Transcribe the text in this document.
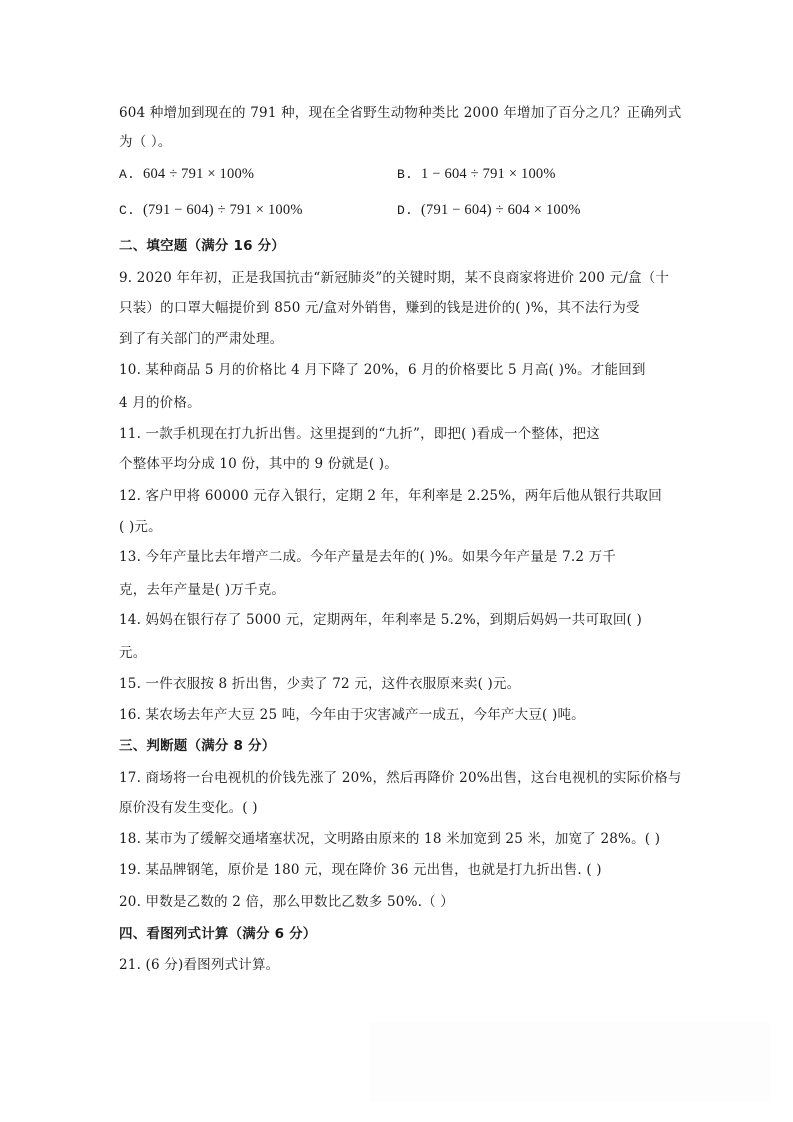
604 种增加到现在的 791 种，现在全省野生动物种类比 2000 年增加了百分之几？正确列式
为（ ）。
A. 604 ÷ 791 × 100%	B. 1 − 604 ÷ 791 × 100%
C. (791 − 604) ÷ 791 × 100%	D. (791 − 604) ÷ 604 × 100%
二、填空题（满分 16 分）
9. 2020 年年初，正是我国抗击“新冠肺炎”的关键时期，某不良商家将进价 200 元/盒（十
只装）的口罩大幅提价到 850 元/盒对外销售，赚到的钱是进价的( )%，其不法行为受
到了有关部门的严肃处理。
10. 某种商品 5 月的价格比 4 月下降了 20%，6 月的价格要比 5 月高( )%。才能回到
4 月的价格。
11. 一款手机现在打九折出售。这里提到的“九折”，即把( )看成一个整体，把这
个整体平均分成 10 份，其中的 9 份就是( )。
12. 客户甲将 60000 元存入银行，定期 2 年，年利率是 2.25%，两年后他从银行共取回
( )元。
13. 今年产量比去年增产二成。今年产量是去年的( )%。如果今年产量是 7.2 万千
克，去年产量是( )万千克。
14. 妈妈在银行存了 5000 元，定期两年，年利率是 5.2%，到期后妈妈一共可取回( )
元。
15. 一件衣服按 8 折出售，少卖了 72 元，这件衣服原来卖( )元。
16. 某农场去年产大豆 25 吨，今年由于灾害减产一成五，今年产大豆( )吨。
三、判断题（满分 8 分）
17. 商场将一台电视机的价钱先涨了 20%，然后再降价 20%出售，这台电视机的实际价格与
原价没有发生变化。( )
18. 某市为了缓解交通堵塞状况，文明路由原来的 18 米加宽到 25 米，加宽了 28%。( )
19. 某品牌钢笔，原价是 180 元，现在降价 36 元出售，也就是打九折出售. ( )
20. 甲数是乙数的 2 倍，那么甲数比乙数多 50%.（ ）
四、看图列式计算（满分 6 分）
21. (6 分)看图列式计算。
